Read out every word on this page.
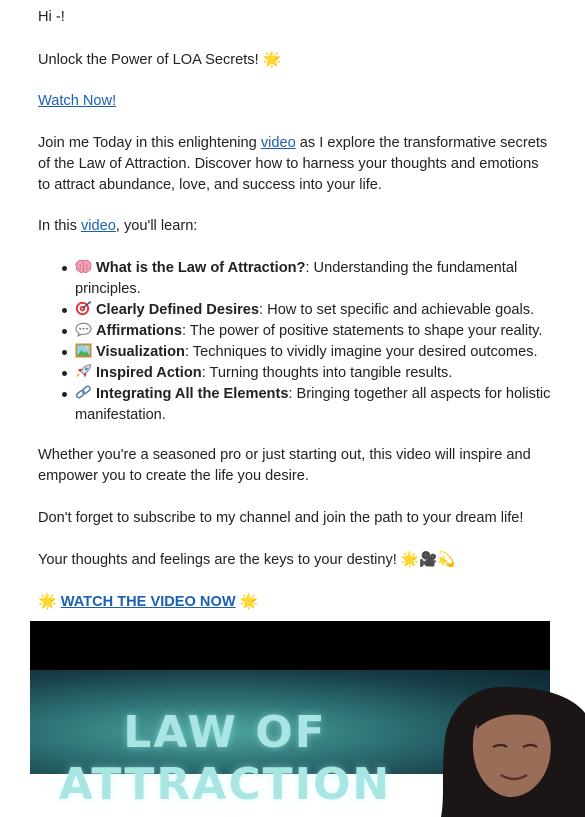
Hi -!

Unlock the Power of LOA Secrets! 🌟

Watch Now!

Join me Today in this enlightening video as I explore the transformative secrets of the Law of Attraction. Discover how to harness your thoughts and emotions to attract abundance, love, and success into your life.

In this video, you'll learn:

What is the Law of Attraction?: Understanding the fundamental principles.
Clearly Defined Desires: How to set specific and achievable goals.
Affirmations: The power of positive statements to shape your reality.
Visualization: Techniques to vividly imagine your desired outcomes.
Inspired Action: Turning thoughts into tangible results.
Integrating All the Elements: Bringing together all aspects for holistic manifestation.

Whether you're a seasoned pro or just starting out, this video will inspire and empower you to create the life you desire.

Don't forget to subscribe to my channel and join the path to your dream life!

Your thoughts and feelings are the keys to your destiny! 🌟🎥💫

🌟 WATCH THE VIDEO NOW 🌟

LAW OF
ATTRACTION
